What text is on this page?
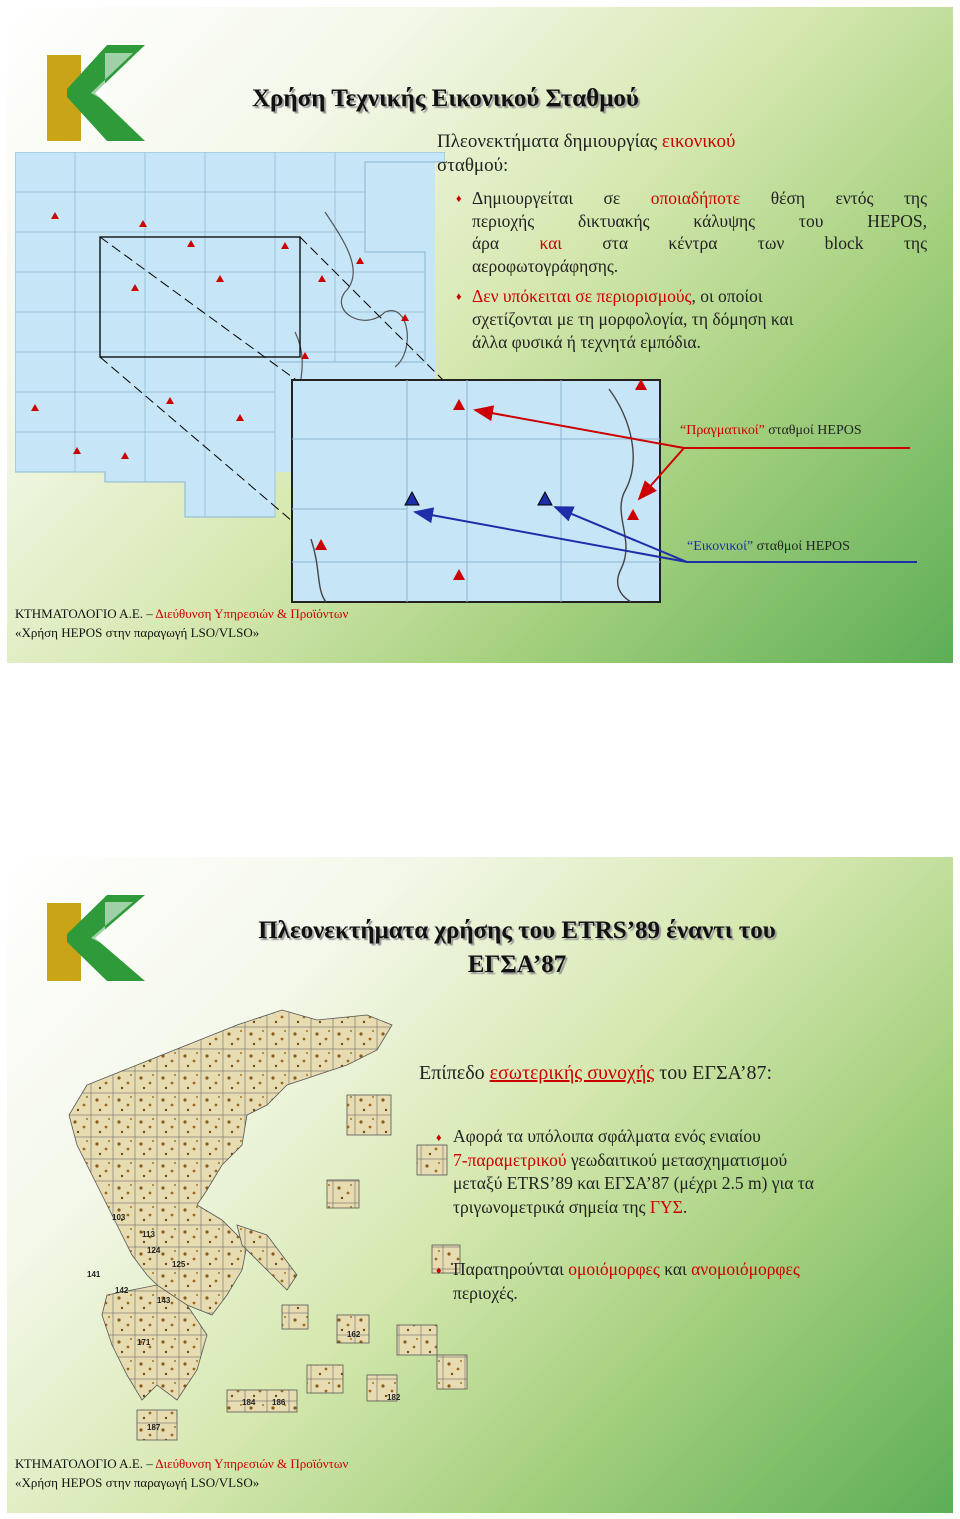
Χρήση Τεχνικής Εικονικού Σταθμού
Πλεονεκτήματα δημιουργίας εικονικού
σταθμού:
♦ Δημιουργείται σε οποιαδήποτε θέση εντός της
περιοχής δικτυακής κάλυψης του HEPOS,
άρα και στα κέντρα των block της
αεροφωτογράφησης.
♦ Δεν υπόκειται σε περιορισμούς, οι οποίοι
σχετίζονται με τη μορφολογία, τη δόμηση και
άλλα φυσικά ή τεχνητά εμπόδια.
“Πραγματικοί” σταθμοί HEPOS
“Εικονικοί” σταθμοί HEPOS
ΚΤΗΜΑΤΟΛΟΓΙΟ Α.Ε. – Διεύθυνση Υπηρεσιών & Προϊόντων
«Χρήση HEPOS στην παραγωγή LSO/VLSO»
Πλεονεκτήματα χρήσης του ETRS’89 έναντι του
ΕΓΣΑ’87
103
113
124
125
141
142
143
162
171
182
184 186
187
Επίπεδο εσωτερικής συνοχής του ΕΓΣΑ’87:
♦ Αφορά τα υπόλοιπα σφάλματα ενός ενιαίου
7-παραμετρικού γεωδαιτικού μετασχηματισμού
μεταξύ ETRS’89 και ΕΓΣΑ’87 (μέχρι 2.5 m) για τα
τριγωνομετρικά σημεία της ΓΥΣ.
♦ Παρατηρούνται ομοιόμορφες και ανομοιόμορφες
περιοχές.
ΚΤΗΜΑΤΟΛΟΓΙΟ Α.Ε. – Διεύθυνση Υπηρεσιών & Προϊόντων
«Χρήση HEPOS στην παραγωγή LSO/VLSO»
